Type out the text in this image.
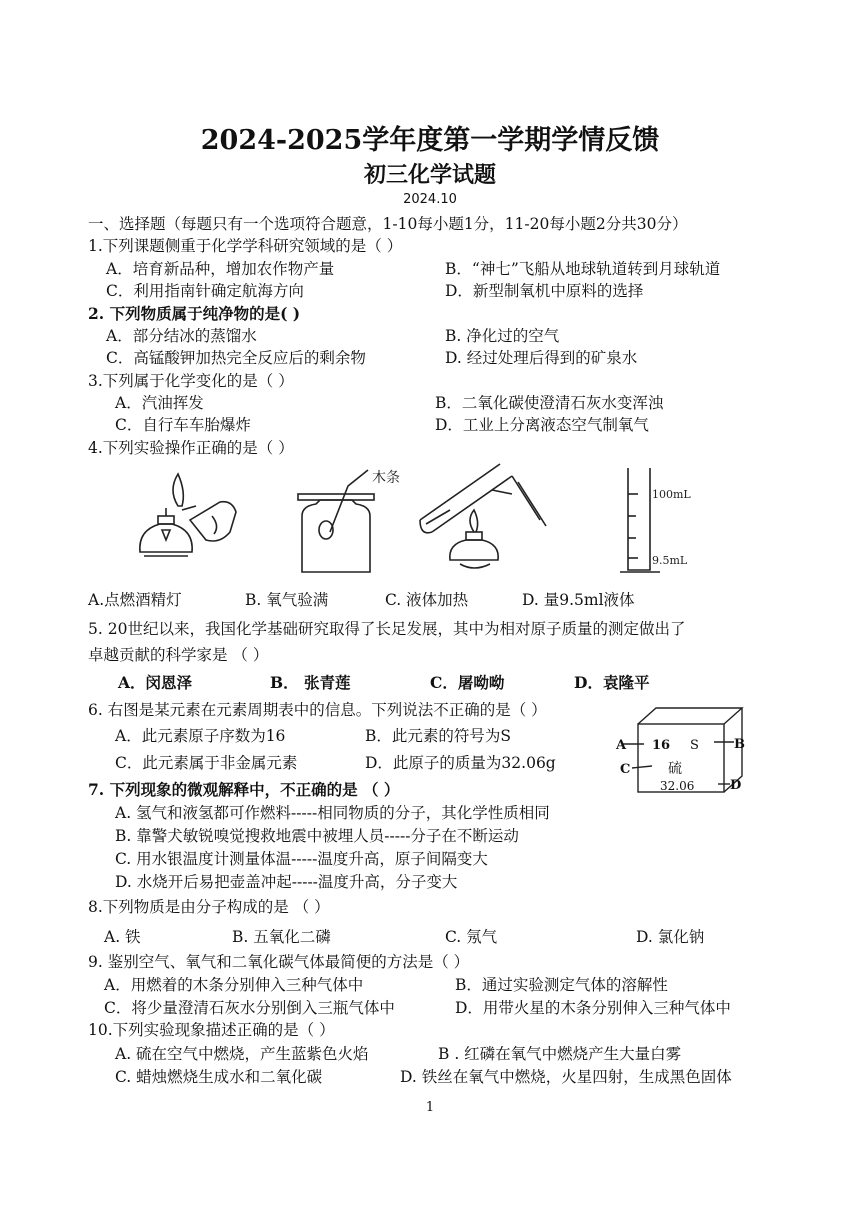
2024-2025学年度第一学期学情反馈
初三化学试题
2024.10
一、选择题（每题只有一个选项符合题意，1-10每小题1分，11-20每小题2分共30分）
1.下列课题侧重于化学学科研究领域的是（ ）
A．培育新品种，增加农作物产量	B．“神七”飞船从地球轨道转到月球轨道
C．利用指南针确定航海方向	D．新型制氧机中原料的选择
2. 下列物质属于纯净物的是( )
A．部分结冰的蒸馏水	B. 净化过的空气
C．高锰酸钾加热完全反应后的剩余物	D. 经过处理后得到的矿泉水
3.下列属于化学变化的是（ ）
A．汽油挥发	B．二氧化碳使澄清石灰水变浑浊
C．自行车车胎爆炸	D．工业上分离液态空气制氧气
4.下列实验操作正确的是（ ）
木条
100mL
9.5mL
A.点燃酒精灯	B. 氧气验满	C. 液体加热	D. 量9.5ml液体
5. 20世纪以来，我国化学基础研究取得了长足发展，其中为相对原子质量的测定做出了
卓越贡献的科学家是 （ ）
A．闵恩泽	B． 张青莲	C．屠呦呦	D．袁隆平
6. 右图是某元素在元素周期表中的信息。下列说法不正确的是（ ）
A．此元素原子序数为16	B．此元素的符号为S
C．此元素属于非金属元素	D．此原子的质量为32.06g
A 16 S	B
C	硫
32.06	D
7. 下列现象的微观解释中，不正确的是 （ ）
A. 氢气和液氢都可作燃料-----相同物质的分子，其化学性质相同
B. 靠警犬敏锐嗅觉搜救地震中被埋人员-----分子在不断运动
C. 用水银温度计测量体温-----温度升高，原子间隔变大
D. 水烧开后易把壶盖冲起-----温度升高，分子变大
8.下列物质是由分子构成的是 （ ）
A. 铁	B. 五氧化二磷	C. 氖气	D. 氯化钠
9. 鉴别空气、氧气和二氧化碳气体最简便的方法是（ ）
A．用燃着的木条分别伸入三种气体中	B．通过实验测定气体的溶解性
C．将少量澄清石灰水分别倒入三瓶气体中	D．用带火星的木条分别伸入三种气体中
10.下列实验现象描述正确的是（ ）
A. 硫在空气中燃烧，产生蓝紫色火焰	B . 红磷在氧气中燃烧产生大量白雾
C. 蜡烛燃烧生成水和二氧化碳	D. 铁丝在氧气中燃烧，火星四射，生成黑色固体
1
